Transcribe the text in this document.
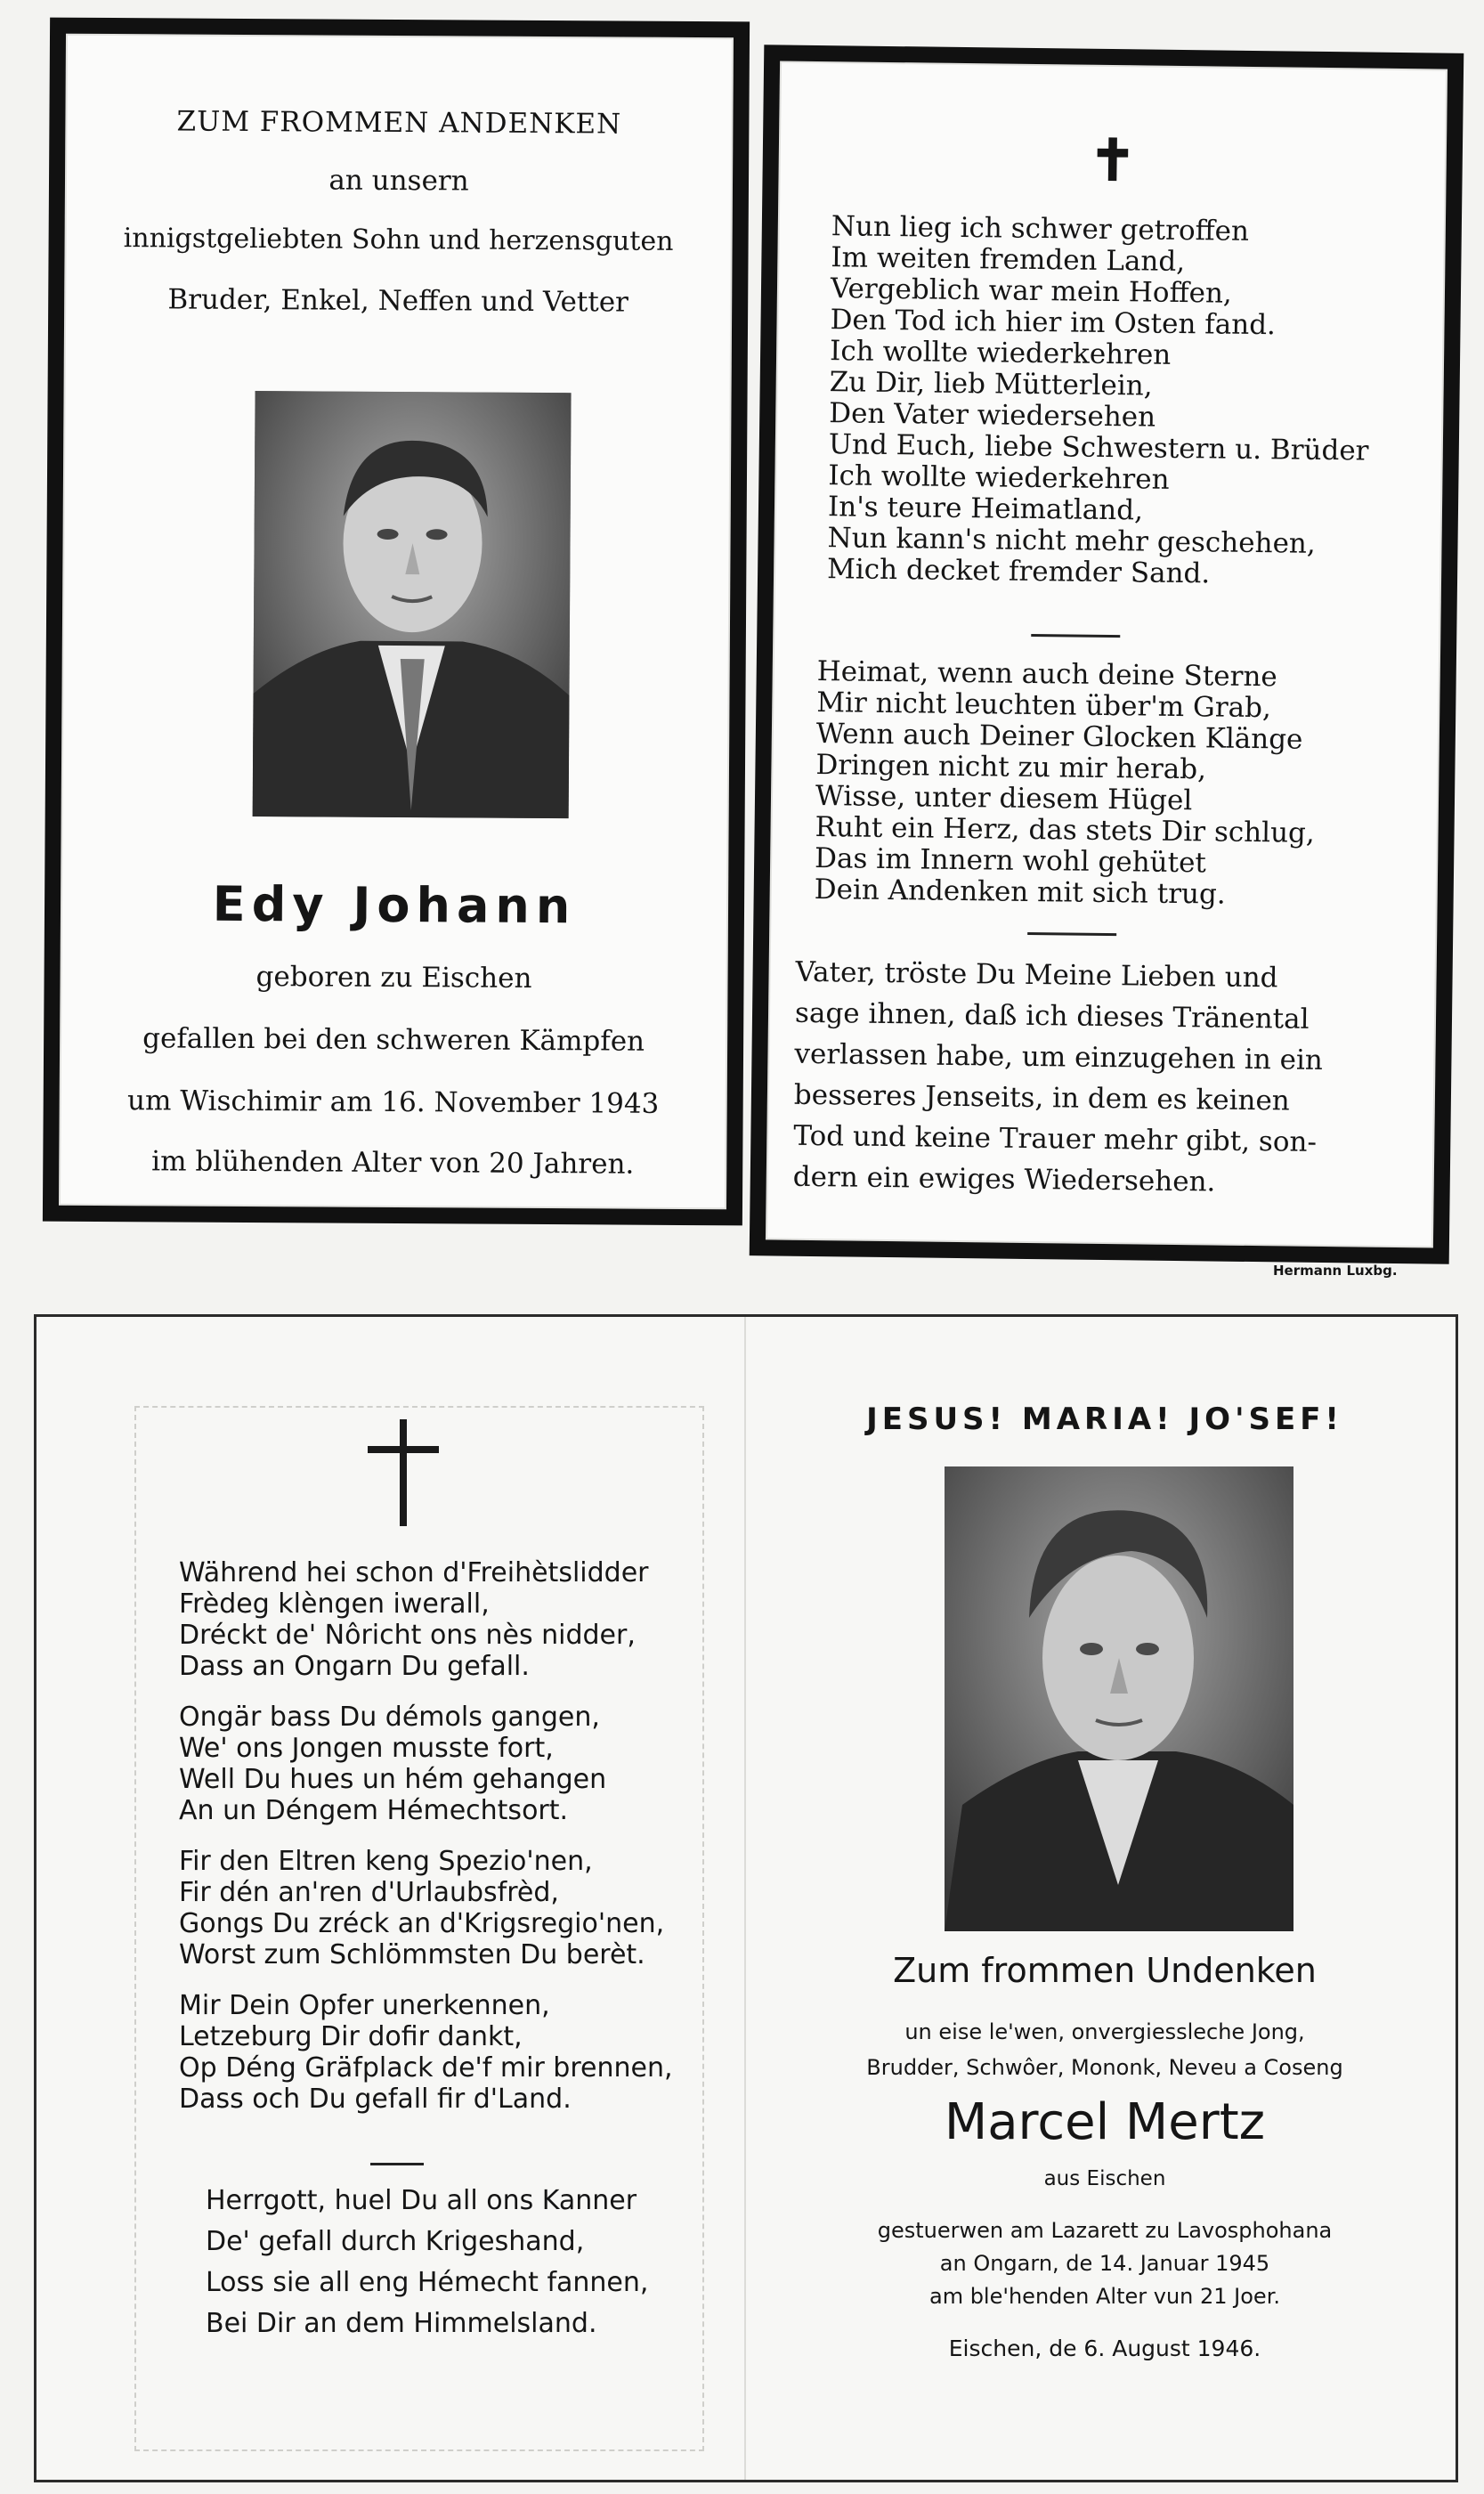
ZUM FROMMEN ANDENKEN
an unsern
innigstgeliebten Sohn und herzensguten
Bruder, Enkel, Neffen und Vetter
Edy Johann
geboren zu Eischen
gefallen bei den schweren Kämpfen
um Wischimir am 16. November 1943
im blühenden Alter von 20 Jahren.
✝
Nun lieg ich schwer getroffen
Im weiten fremden Land,
Vergeblich war mein Hoffen,
Den Tod ich hier im Osten fand.
Ich wollte wiederkehren
Zu Dir, lieb Mütterlein,
Den Vater wiedersehen
Und Euch, liebe Schwestern u. Brüder
Ich wollte wiederkehren
In's teure Heimatland,
Nun kann's nicht mehr geschehen,
Mich decket fremder Sand.
Heimat, wenn auch deine Sterne
Mir nicht leuchten über'm Grab,
Wenn auch Deiner Glocken Klänge
Dringen nicht zu mir herab,
Wisse, unter diesem Hügel
Ruht ein Herz, das stets Dir schlug,
Das im Innern wohl gehütet
Dein Andenken mit sich trug.
Vater, tröste Du Meine Lieben und
sage ihnen, daß ich dieses Tränental
verlassen habe, um einzugehen in ein
besseres Jenseits, in dem es keinen
Tod und keine Trauer mehr gibt, son-
dern ein ewiges Wiedersehen.
Hermann Luxbg.
Während hei schon d'Freihètslidder
Frèdeg klèngen iwerall,
Dréckt de' Nôricht ons nès nidder,
Dass an Ongarn Du gefall.
Ongär bass Du démols gangen,
We' ons Jongen musste fort,
Well Du hues un hém gehangen
An un Déngem Hémechtsort.
Fir den Eltren keng Spezio'nen,
Fir dén an'ren d'Urlaubsfrèd,
Gongs Du zréck an d'Krigsregio'nen,
Worst zum Schlömmsten Du berèt.
Mir Dein Opfer unerkennen,
Letzeburg Dir dofir dankt,
Op Déng Gräfplack de'f mir brennen,
Dass och Du gefall fir d'Land.
Herrgott, huel Du all ons Kanner
De' gefall durch Krigeshand,
Loss sie all eng Hémecht fannen,
Bei Dir an dem Himmelsland.
JESUS! MARIA! JO'SEF!
Zum frommen Undenken
un eise le'wen, onvergiessleche Jong,
Brudder, Schwôer, Mononk, Neveu a Coseng
Marcel Mertz
aus Eischen
gestuerwen am Lazarett zu Lavosphohana
an Ongarn, de 14. Januar 1945
am ble'henden Alter vun 21 Joer.
Eischen, de 6. August 1946.
